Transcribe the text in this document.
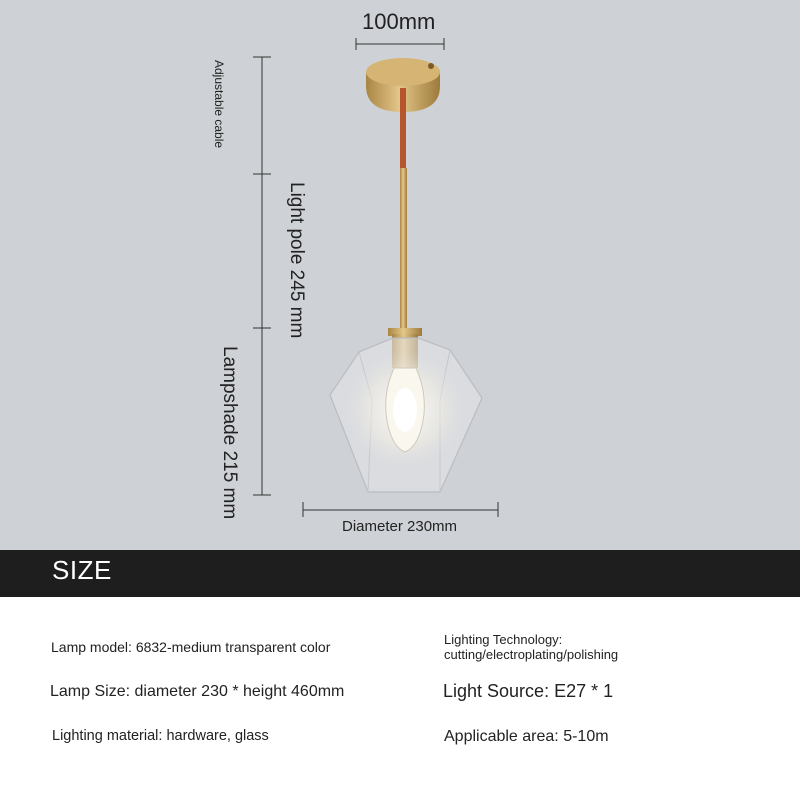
100mm
Adjustable cable
Light pole 245 mm
Lampshade 215 mm
Diameter 230mm
SIZE
Lamp model: 6832-medium transparent color
Lamp Size: diameter 230 * height 460mm
Lighting material: hardware, glass
Lighting Technology:
cutting/electroplating/polishing
Light Source: E27 * 1
Applicable area: 5-10m
